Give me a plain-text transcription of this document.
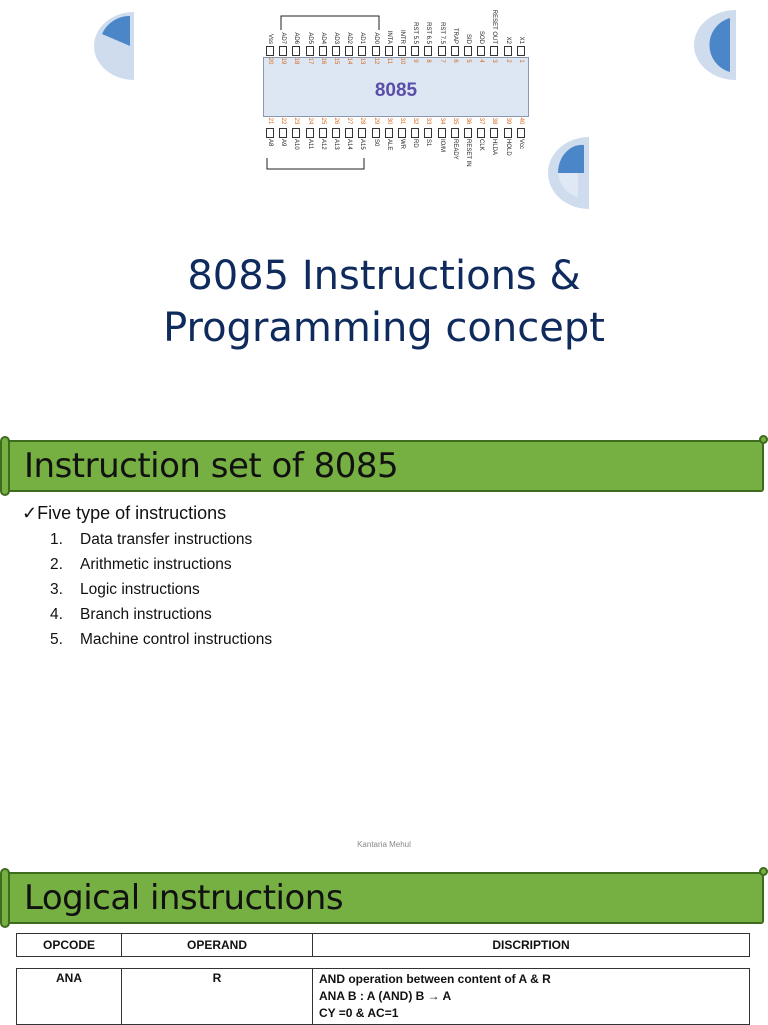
8085
20
Vss
19
AD7
18
AD6
17
AD5
16
AD4
15
AD3
14
AD2
13
AD1
12
AD0
11
INTA
10
INTR
9
RST 5.5
8
RST 6.5
7
RST 7.5
6
TRAP
5
SID
4
SOD
3
RESET OUT
2
X2
1
X1
21
A8
22
A9
23
A10
24
A11
25
A12
26
A13
27
A14
28
A15
29
S0
30
ALE
31
WR
32
RD
33
S1
34
IO/M
35
READY
36
RESET IN
37
CLK
38
HLDA
39
HOLD
40
Vcc
8085 Instructions &
Programming concept
Instruction set of 8085
✓Five type of instructions
1. Data transfer instructions
2. Arithmetic instructions
3. Logic instructions
4. Branch instructions
5. Machine control instructions
Kantaria Mehul
Logical instructions
OPCODE	OPERAND	DISCRIPTION
ANA	R	AND operation between content of A & R
ANA B : A (AND) B → A
CY =0 & AC=1
